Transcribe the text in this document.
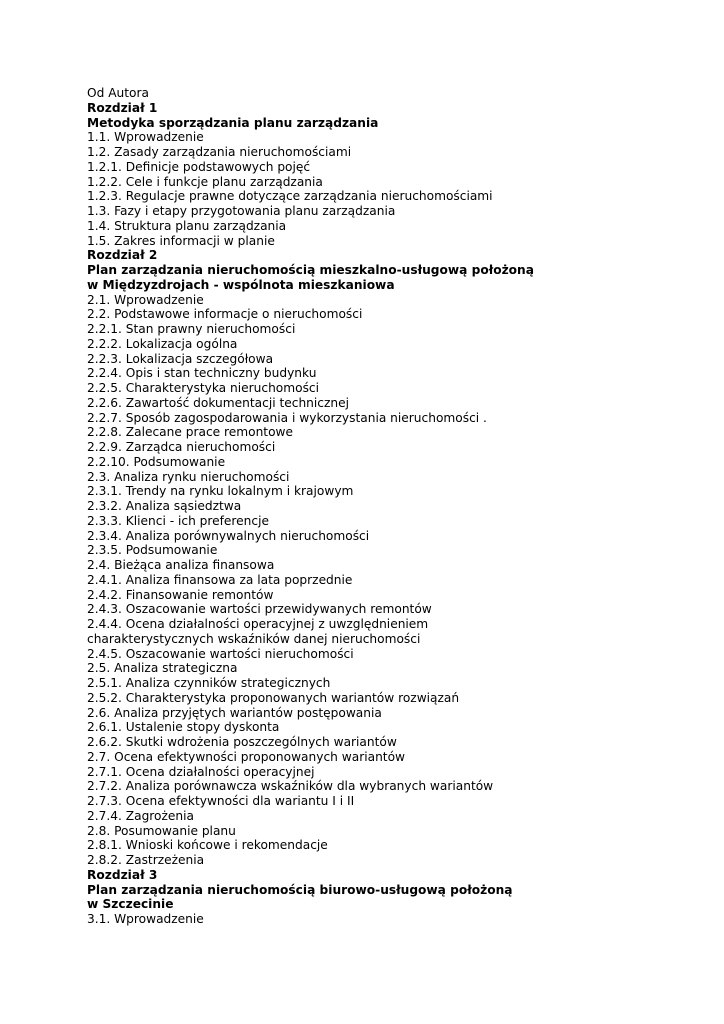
Od Autora
Rozdział 1
Metodyka sporządzania planu zarządzania
1.1. Wprowadzenie
1.2. Zasady zarządzania nieruchomościami
1.2.1. Definicje podstawowych pojęć
1.2.2. Cele i funkcje planu zarządzania
1.2.3. Regulacje prawne dotyczące zarządzania nieruchomościami
1.3. Fazy i etapy przygotowania planu zarządzania
1.4. Struktura planu zarządzania
1.5. Zakres informacji w planie
Rozdział 2
Plan zarządzania nieruchomością mieszkalno-usługową położoną
w Międzyzdrojach - wspólnota mieszkaniowa
2.1. Wprowadzenie
2.2. Podstawowe informacje o nieruchomości
2.2.1. Stan prawny nieruchomości
2.2.2. Lokalizacja ogólna
2.2.3. Lokalizacja szczegółowa
2.2.4. Opis i stan techniczny budynku
2.2.5. Charakterystyka nieruchomości
2.2.6. Zawartość dokumentacji technicznej
2.2.7. Sposób zagospodarowania i wykorzystania nieruchomości .
2.2.8. Zalecane prace remontowe
2.2.9. Zarządca nieruchomości
2.2.10. Podsumowanie
2.3. Analiza rynku nieruchomości
2.3.1. Trendy na rynku lokalnym i krajowym
2.3.2. Analiza sąsiedztwa
2.3.3. Klienci - ich preferencje
2.3.4. Analiza porównywalnych nieruchomości
2.3.5. Podsumowanie
2.4. Bieżąca analiza finansowa
2.4.1. Analiza finansowa za lata poprzednie
2.4.2. Finansowanie remontów
2.4.3. Oszacowanie wartości przewidywanych remontów
2.4.4. Ocena działalności operacyjnej z uwzględnieniem
charakterystycznych wskaźników danej nieruchomości
2.4.5. Oszacowanie wartości nieruchomości
2.5. Analiza strategiczna
2.5.1. Analiza czynników strategicznych
2.5.2. Charakterystyka proponowanych wariantów rozwiązań
2.6. Analiza przyjętych wariantów postępowania
2.6.1. Ustalenie stopy dyskonta
2.6.2. Skutki wdrożenia poszczególnych wariantów
2.7. Ocena efektywności proponowanych wariantów
2.7.1. Ocena działalności operacyjnej
2.7.2. Analiza porównawcza wskaźników dla wybranych wariantów
2.7.3. Ocena efektywności dla wariantu I i II
2.7.4. Zagrożenia
2.8. Posumowanie planu
2.8.1. Wnioski końcowe i rekomendacje
2.8.2. Zastrzeżenia
Rozdział 3
Plan zarządzania nieruchomością biurowo-usługową położoną
w Szczecinie
3.1. Wprowadzenie
